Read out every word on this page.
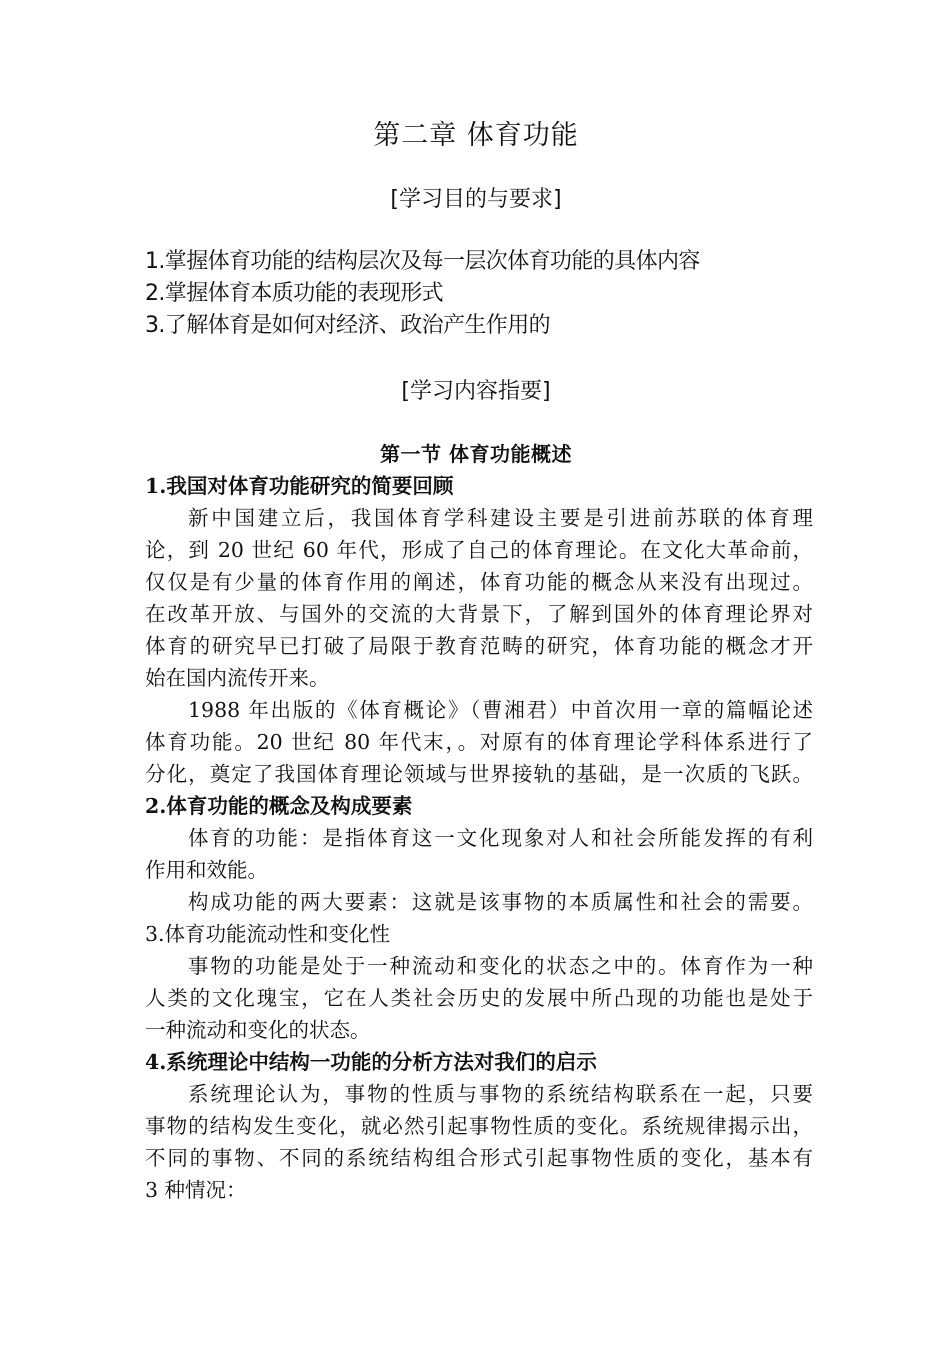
第二章 体育功能
[学习目的与要求]
1.掌握体育功能的结构层次及每一层次体育功能的具体内容
2.掌握体育本质功能的表现形式
3.了解体育是如何对经济、政治产生作用的
[学习内容指要]
第一节 体育功能概述
1.我国对体育功能研究的简要回顾
新中国建立后，我国体育学科建设主要是引进前苏联的体育理
论，到 20 世纪 60 年代，形成了自己的体育理论。在文化大革命前，
仅仅是有少量的体育作用的阐述，体育功能的概念从来没有出现过。
在改革开放、与国外的交流的大背景下，了解到国外的体育理论界对
体育的研究早已打破了局限于教育范畴的研究，体育功能的概念才开
始在国内流传开来。
1988 年出版的《体育概论》（曹湘君）中首次用一章的篇幅论述
体育功能。20 世纪 80 年代末，。对原有的体育理论学科体系进行了
分化，奠定了我国体育理论领域与世界接轨的基础，是一次质的飞跃。
2.体育功能的概念及构成要素
体育的功能：是指体育这一文化现象对人和社会所能发挥的有利
作用和效能。
构成功能的两大要素：这就是该事物的本质属性和社会的需要。
3.体育功能流动性和变化性
事物的功能是处于一种流动和变化的状态之中的。体育作为一种
人类的文化瑰宝，它在人类社会历史的发展中所凸现的功能也是处于
一种流动和变化的状态。
4.系统理论中结构一功能的分析方法对我们的启示
系统理论认为，事物的性质与事物的系统结构联系在一起，只要
事物的结构发生变化，就必然引起事物性质的变化。系统规律揭示出，
不同的事物、不同的系统结构组合形式引起事物性质的变化，基本有
3 种情况：
